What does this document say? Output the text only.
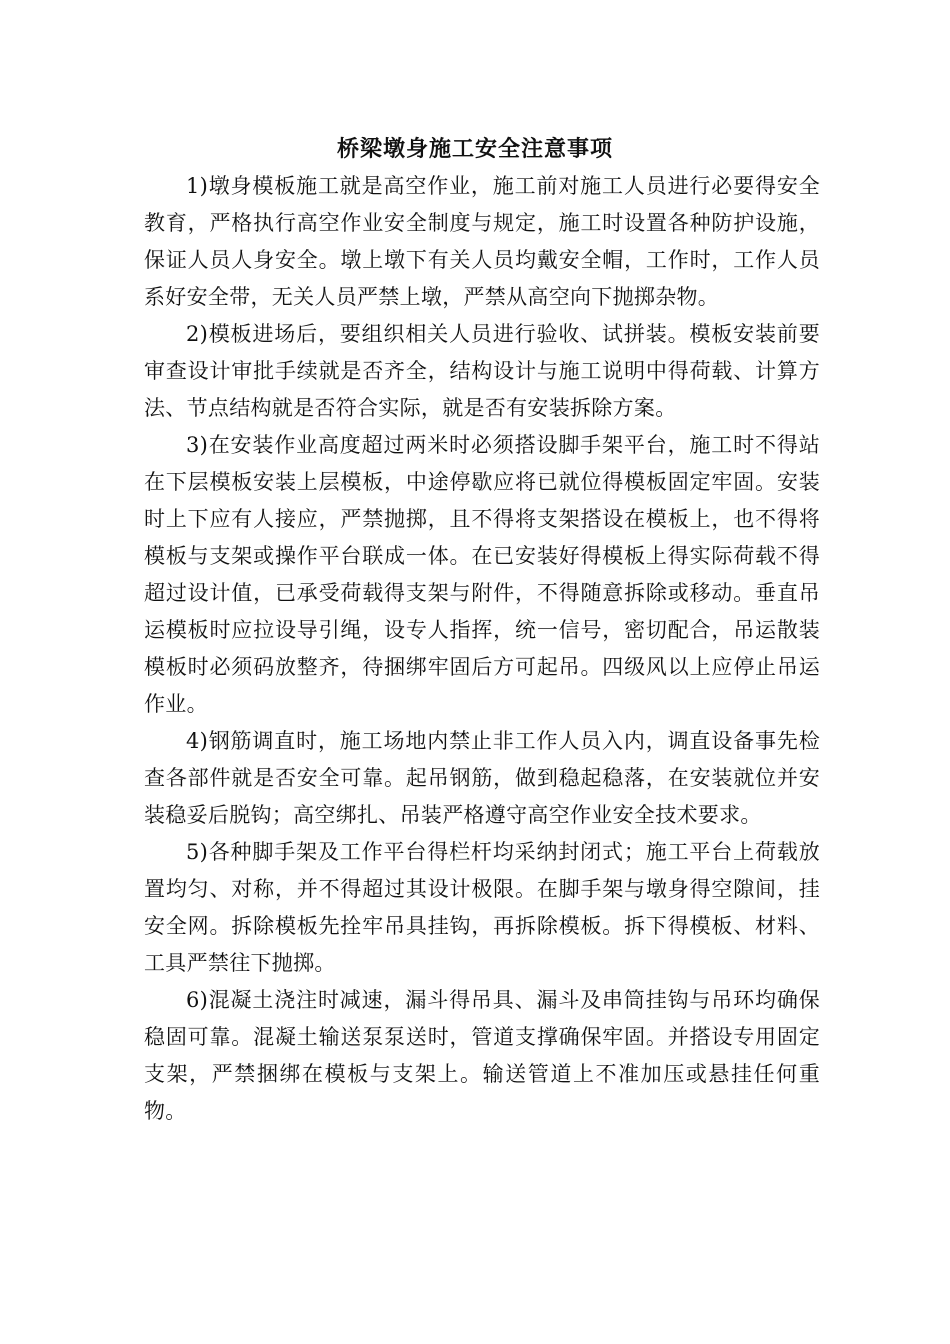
桥梁墩身施工安全注意事项

1)墩身模板施工就是高空作业，施工前对施工人员进行必要得安全教育，严格执行高空作业安全制度与规定，施工时设置各种防护设施，保证人员人身安全。墩上墩下有关人员均戴安全帽，工作时，工作人员系好安全带，无关人员严禁上墩，严禁从高空向下抛掷杂物。

2)模板进场后，要组织相关人员进行验收、试拼装。模板安装前要审查设计审批手续就是否齐全，结构设计与施工说明中得荷载、计算方法、节点结构就是否符合实际，就是否有安装拆除方案。

3)在安装作业高度超过两米时必须搭设脚手架平台，施工时不得站在下层模板安装上层模板，中途停歇应将已就位得模板固定牢固。安装时上下应有人接应，严禁抛掷，且不得将支架搭设在模板上，也不得将模板与支架或操作平台联成一体。在已安装好得模板上得实际荷载不得超过设计值，已承受荷载得支架与附件，不得随意拆除或移动。垂直吊运模板时应拉设导引绳，设专人指挥，统一信号，密切配合，吊运散装模板时必须码放整齐，待捆绑牢固后方可起吊。四级风以上应停止吊运作业。

4)钢筋调直时，施工场地内禁止非工作人员入内，调直设备事先检查各部件就是否安全可靠。起吊钢筋，做到稳起稳落，在安装就位并安装稳妥后脱钩；高空绑扎、吊装严格遵守高空作业安全技术要求。

5)各种脚手架及工作平台得栏杆均采纳封闭式；施工平台上荷载放置均匀、对称，并不得超过其设计极限。在脚手架与墩身得空隙间，挂安全网。拆除模板先拴牢吊具挂钩，再拆除模板。拆下得模板、材料、工具严禁往下抛掷。

6)混凝土浇注时减速，漏斗得吊具、漏斗及串筒挂钩与吊环均确保稳固可靠。混凝土输送泵泵送时，管道支撑确保牢固。并搭设专用固定支架，严禁捆绑在模板与支架上。输送管道上不准加压或悬挂任何重物。
